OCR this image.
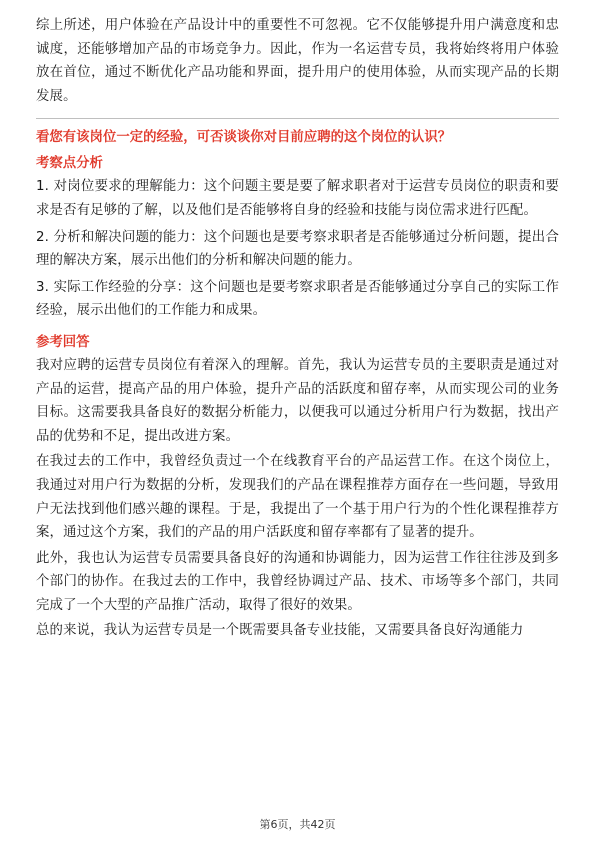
综上所述，用户体验在产品设计中的重要性不可忽视。它不仅能够提升用户满意度和忠诚度，还能够增加产品的市场竞争力。因此，作为一名运营专员，我将始终将用户体验放在首位，通过不断优化产品功能和界面，提升用户的使用体验，从而实现产品的长期发展。

看您有该岗位一定的经验，可否谈谈你对目前应聘的这个岗位的认识？

考察点分析

1. 对岗位要求的理解能力：这个问题主要是要了解求职者对于运营专员岗位的职责和要求是否有足够的了解，以及他们是否能够将自身的经验和技能与岗位需求进行匹配。

2. 分析和解决问题的能力：这个问题也是要考察求职者是否能够通过分析问题，提出合理的解决方案，展示出他们的分析和解决问题的能力。

3. 实际工作经验的分享：这个问题也是要考察求职者是否能够通过分享自己的实际工作经验，展示出他们的工作能力和成果。

参考回答

我对应聘的运营专员岗位有着深入的理解。首先，我认为运营专员的主要职责是通过对产品的运营，提高产品的用户体验，提升产品的活跃度和留存率，从而实现公司的业务目标。这需要我具备良好的数据分析能力，以便我可以通过分析用户行为数据，找出产品的优势和不足，提出改进方案。

在我过去的工作中，我曾经负责过一个在线教育平台的产品运营工作。在这个岗位上，我通过对用户行为数据的分析，发现我们的产品在课程推荐方面存在一些问题，导致用户无法找到他们感兴趣的课程。于是，我提出了一个基于用户行为的个性化课程推荐方案，通过这个方案，我们的产品的用户活跃度和留存率都有了显著的提升。

此外，我也认为运营专员需要具备良好的沟通和协调能力，因为运营工作往往涉及到多个部门的协作。在我过去的工作中，我曾经协调过产品、技术、市场等多个部门，共同完成了一个大型的产品推广活动，取得了很好的效果。

总的来说，我认为运营专员是一个既需要具备专业技能，又需要具备良好沟通能力

第6页，共42页
